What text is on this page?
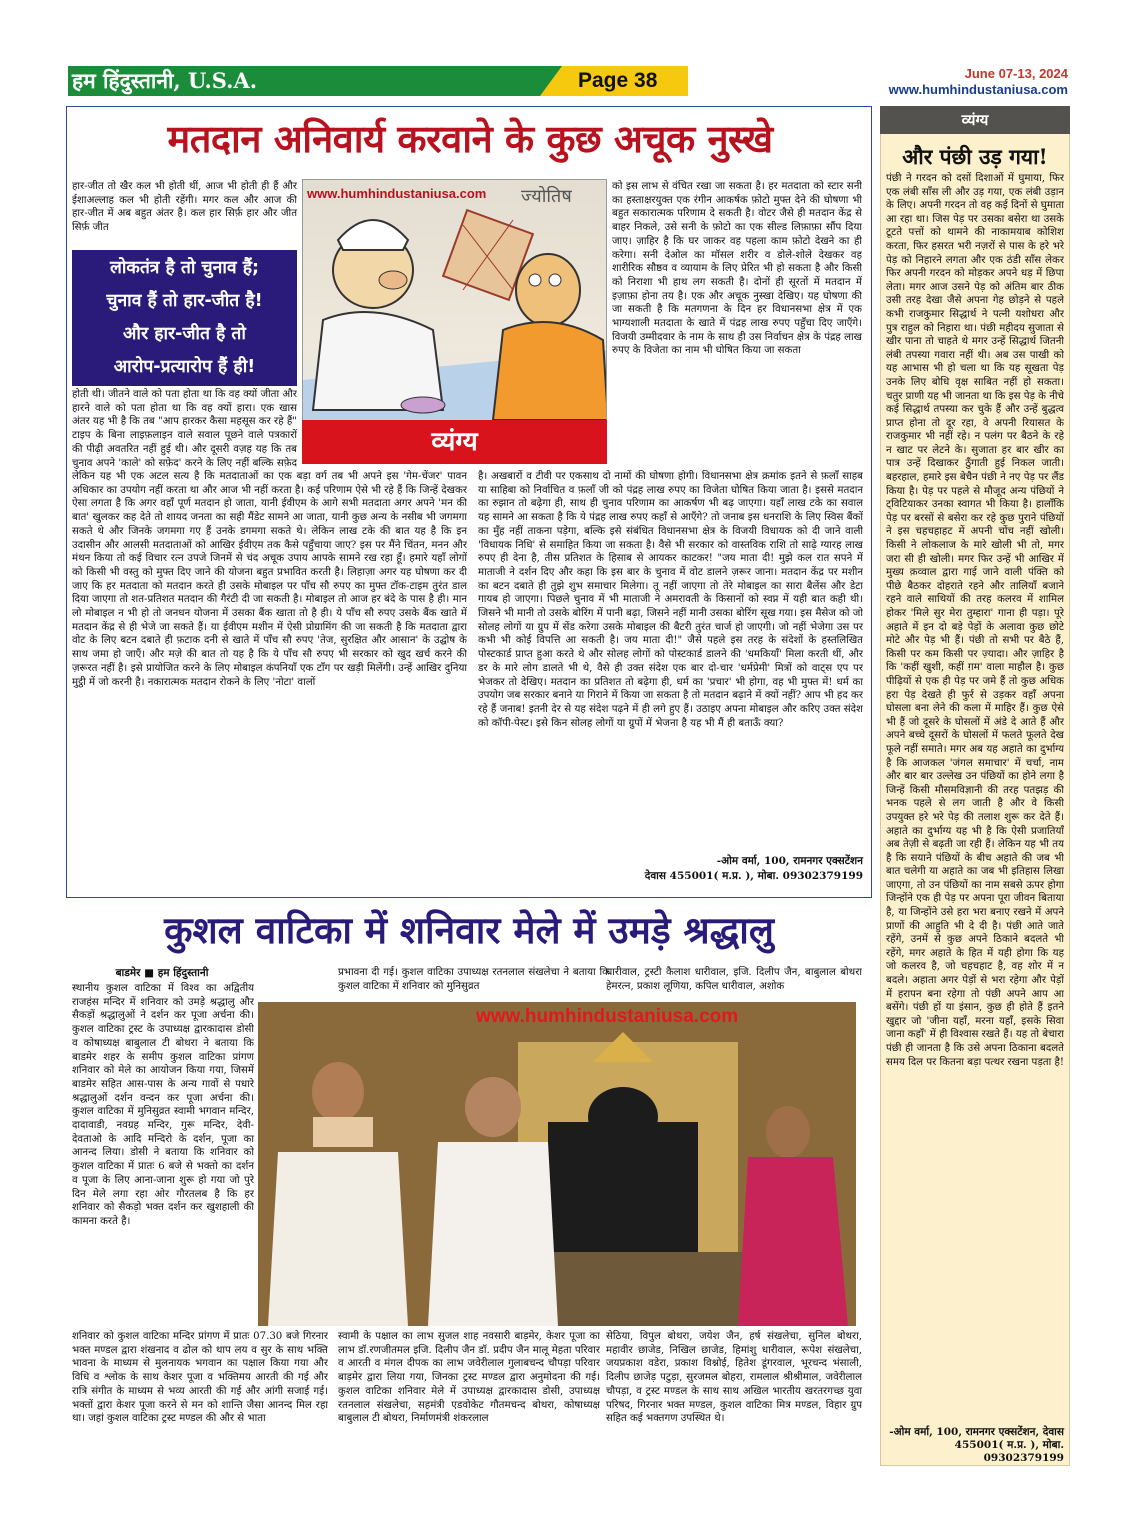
हम हिंदुस्तानी, U.S.A.	Page 38	June 07-13, 2024
www.humhindustaniusa.com
मतदान अनिवार्य करवाने के कुछ अचूक नुस्खे
हार-जीत तो खैर कल भी होती थीं, आज भी होती ही हैं और ईशाअल्लाह कल भी होती रहेंगी। मगर कल और आज की हार-जीत में अब बहुत अंतर है। कल हार सिर्फ़ हार और जीत सिर्फ़ जीत
लोकतंत्र है तो चुनाव हैं;
चुनाव हैं तो हार-जीत है!
और हार-जीत है तो
आरोप-प्रत्यारोप हैं ही!
होती थी। जीतने वाले को पता होता था कि वह क्यों जीता और हारने वाले को पता होता था कि वह क्यों हारा। एक खास अंतर यह भी है कि तब "आप हारकर कैसा महसूस कर रहे हैं" टाइप के बिना लाइफ़लाइन वाले सवाल पूछने वाले पत्रकारों की पीढ़ी अवतरित नहीं हुई थी। और दूसरी वज़ह यह कि तब चुनाव अपने 'काले' को सफ़ेद' करने के लिए नहीं बल्कि सफ़ेद
www.humhindustaniusa.com ज्योतिष
व्यंग्य
को इस लाभ से वंचित रखा जा सकता है। हर मतदाता को स्टार सनी का हस्ताक्षरयुक्त एक रंगीन आकर्षक फ़ोटो मुफ्त देने की घोषणा भी बहुत सकारात्मक परिणाम दे सकती है। वोटर जैसे ही मतदान केंद्र से बाहर निकले, उसे सनी के फ़ोटो का एक सील्ड लिफ़ाफ़ा सौंप दिया जाए। ज़ाहिर है कि घर जाकर वह पहला काम फ़ोटो देखने का ही करेगा। सनी देओल का मॉसल शरीर व डोले-शोले देखकर वह शारीरिक सौष्ठव व व्यायाम के लिए प्रेरित भी हो सकता है और किसी को निराशा भी हाथ लग सकती है। दोनों ही सूरतों में मतदान में इज़ाफ़ा होना तय है। एक और अचूक नुस्खा देखिए। यह घोषणा की जा सकती है कि मतगणना के दिन हर विधानसभा क्षेत्र में एक भाग्यशाली मतदाता के खाते में पंद्रह लाख रुपए पहुँचा दिए जाएँगे। विजयी उम्मीदवार के नाम के साथ ही उस निर्वाचन क्षेत्र के पंद्रह लाख रुपए के विजेता का नाम भी घोषित किया जा सकता
लेकिन यह भी एक अटल सत्य है कि मतदाताओं का एक बड़ा वर्ग तब भी अपने इस 'गेम-चेंजर' पावन अधिकार का उपयोग नहीं करता था और आज भी नहीं करता है। कई परिणाम ऐसे भी रहे हैं कि जिन्हें देखकर ऐसा लगता है कि अगर वहाँ पूर्ण मतदान हो जाता, यानी ईवीएम के आगे सभी मतदाता अगर अपने 'मन की बात' खुलकर कह देते तो शायद जनता का सही मैंडेट सामने आ जाता, यानी कुछ अन्य के नसीब भी जगमगा सकते थे और जिनके जगमगा गए हैं उनके डगमगा सकते थे। लेकिन लाख टके की बात यह है कि इन उदासीन और आलसी मतदाताओं को आखिर ईवीएम तक कैसे पहुँचाया जाए? इस पर मैंने चिंतन, मनन और मंथन किया तो कई विचार रत्न उपजे जिनमें से चंद अचूक उपाय आपके सामने रख रहा हूँ। हमारे यहाँ लोगों को किसी भी वस्तु को मुफ्त दिए जाने की योजना बहुत प्रभावित करती है। लिहाज़ा अगर यह घोषणा कर दी जाए कि हर मतदाता को मतदान करते ही उसके मोबाइल पर पाँच सौ रुपए का मुफ्त टॉक-टाइम तुरंत डाल दिया जाएगा तो शत-प्रतिशत मतदान की गैरंटी दी जा सकती है। मोबाइल तो आज हर बंदे के पास है ही। मान लो मोबाइल न भी हो तो जनधन योजना में उसका बैंक खाता तो है ही। ये पाँच सौ रुपए उसके बैंक खाते में मतदान केंद्र से ही भेजे जा सकते हैं। या ईवीएम मशीन में ऐसी प्रोग्रामिंग की जा सकती है कि मतदाता द्वारा वोट के लिए बटन दबाते ही फ़टाक दनी से खाते में पाँच सौ रुपए 'तेज, सुरक्षित और आसान' के उद्घोष के साथ जमा हो जाएँ। और मज़े की बात तो यह है कि ये पाँच सौ रुपए भी सरकार को खुद खर्च करने की ज़रूरत नहीं है। इसे प्रायोजित करने के लिए मोबाइल कंपनियाँ एक टाँग पर खड़ी मिलेंगी। उन्हें आखिर दुनिया मुट्ठी में जो करनी है। नकारात्मक मतदान रोकने के लिए 'नोटा' वालों
है। अखबारों व टीवी पर एकसाथ दो नामों की घोषणा होगी। विधानसभा क्षेत्र क्रमांक इतने से फ़लाँ साहब या साहिबा को निर्वाचित व फ़लाँ जी को पंद्रह लाख रुपए का विजेता घोषित किया जाता है। इससे मतदान का रुझान तो बढ़ेगा ही, साथ ही चुनाव परिणाम का आकर्षण भी बढ़ जाएगा। यहाँ लाख टके का सवाल यह सामने आ सकता है कि ये पंद्रह लाख रुपए कहाँ से आएँगे? तो जनाब इस धनराशि के लिए स्विस बैंकों का मुँह नहीं ताकना पड़ेगा, बल्कि इसे संबंधित विधानसभा क्षेत्र के विजयी विधायक को दी जाने वाली 'विधायक निधि' से समाहित किया जा सकता है। वैसे भी सरकार को वास्तविक राशि तो साढ़े ग्यारह लाख रुपए ही देना है, तीस प्रतिशत के हिसाब से आयकर काटकर! "जय माता दी! मुझे कल रात सपने में माताजी ने दर्शन दिए और कहा कि इस बार के चुनाव में वोट डालने ज़रूर जाना। मतदान केंद्र पर मशीन का बटन दबाते ही तुझे शुभ समाचार मिलेगा। तू नहीं जाएगा तो तेरे मोबाइल का सारा बैलेंस और डेटा गायब हो जाएगा। पिछले चुनाव में भी माताजी ने अमरावती के किसानों को स्वप्न में यही बात कही थी। जिसने भी मानी तो उसके बोरिंग में पानी बढ़ा, जिसने नहीं मानी उसका बोरिंग सूख गया। इस मैसेज को जो सोलह लोगों या ग्रुप में सेंड करेगा उसके मोबाइल की बैटरी तुरंत चार्ज हो जाएगी। जो नहीं भेजेगा उस पर कभी भी कोई विपत्ति आ सकती है। जय माता दी!" जैसे पहले इस तरह के संदेशों के हस्तलिखित पोस्टकार्ड प्राप्त हुआ करते थे और सोलह लोगों को पोस्टकार्ड डालने की 'धमकियाँ' मिला करती थीं, और डर के मारे लोग डालते भी थे, वैसे ही उक्त संदेश एक बार दो-चार 'धर्मप्रेमी' मित्रों को वाट्स एप पर भेजकर तो देखिए। मतदान का प्रतिशत तो बढ़ेगा ही, धर्म का 'प्रचार' भी होगा, वह भी मुफ्त में! धर्म का उपयोग जब सरकार बनाने या गिराने में किया जा सकता है तो मतदान बढ़ाने में क्यों नहीं? आप भी हद कर रहे हैं जनाब! इतनी देर से यह संदेश पढ़ने में ही लगे हुए हैं। उठाइए अपना मोबाइल और करिए उक्त संदेश को कॉपी-पेस्ट। इसे किन सोलह लोगों या ग्रुपों में भेजना है यह भी मैं ही बताऊँ क्या?
-ओम वर्मा, 100, रामनगर एक्सटेंशन
देवास 455001( म.प्र. ), मोबा. 09302379199
कुशल वाटिका में शनिवार मेले में उमड़े श्रद्धालु
बाडमेर ■ हम हिंदुस्तानी
स्थानीय कुशल वाटिका में विश्व का अद्वितीय राजहंस मन्दिर में शनिवार को उमड़े श्रद्धालु और सैकड़ों श्रद्धालुओं ने दर्शन कर पूजा अर्चना की। कुशल वाटिका ट्रस्ट के उपाध्यक्ष द्वारकादास डोसी व कोषाध्यक्ष बाबुलाल टी बोथरा ने बताया कि बाडमेर शहर के समीप कुशल वाटिका प्रांगण शनिवार को मेले का आयोजन किया गया, जिसमें बाडमेर सहित आस-पास के अन्य गावों से पधारे श्रद्धालुओं दर्शन वन्दन कर पूजा अर्चना की। कुशल वाटिका में मुनिसुव्रत स्वामी भगवान मन्दिर, दादावाडी, नवग्रह मन्दिर, गुरू मन्दिर, देवी-देवताओ के आदि मन्दिरो के दर्शन, पूजा का आनन्द लिया। डोसी ने बताया कि शनिवार को कुशल वाटिका में प्रातः 6 बजे से भक्तो का दर्शन व पूजा के लिए आना-जाना शुरू हो गया जो पुरे दिन मेले लगा रहा ओर गौरतलब है कि हर शनिवार को सैकड़ो भक्त दर्शन कर खुशहाली की कामना करते है।
प्रभावना दी गई। कुशल वाटिका उपाध्यक्ष रतनलाल संखलेचा ने बताया कि कुशल वाटिका में शनिवार को मुनिसुव्रत
धारीवाल, ट्रस्टी कैलाश धारीवाल, इजि. दिलीप जैन, बाबुलाल बोथरा हेमरत्न, प्रकाश लूणिया, कपिल धारीवाल, अशोक
www.humhindustaniusa.com
शनिवार को कुशल वाटिका मन्दिर प्रांगण में प्रातः 07.30 बजे गिरनार भक्त मण्डल द्वारा शंखनाद व ढोल को थाप लय व सुर के साथ भक्ति भावना के माध्यम से मुलनायक भगवान का पक्षाल किया गया और विधि व श्लोक के साथ केशर पूजा व भक्तिमय आरती की गई और रात्रि संगीत के माध्यम से भव्य आरती की गई और आंगी सजाई गई। भक्तों द्वारा केशर पूजा करने से मन को शान्ति जैसा आनन्द मिल रहा था। जहां कुशल वाटिका ट्रस्ट मण्डल की और से भाता
स्वामी के पक्षाल का लाभ सुजल शाह नवसारी बाड़मेर, केशर पूजा का लाभ डॉ.रणजीतमल इजि. दिलीप जैन डॉ. प्रदीप जैन मालू मेहता परिवार व आरती व मंगल दीपक का लाभ जवेरीलाल गुलाबचन्द चौपड़ा परिवार बाड़मेर द्वारा लिया गया, जिनका ट्रस्ट मण्डल द्वारा अनुमोदना की गई। कुशल वाटिका शनिवार मेले में उपाध्यक्ष द्वारकादास डोसी, उपाध्यक्ष रतनलाल संखलेचा, सहमंत्री एडवोकेट गौतमचन्द बोथरा, कोषाध्यक्ष बाबुलाल टी बोथरा, निर्माणमंत्री शंकरलाल
सेठिया, विपुल बोथरा, जयेश जैन, हर्ष संखलेचा, सुनिल बोथरा, महावीर छाजेड, निखिल छाजेड, हिमांशु धारीवाल, रूपेश संखलेचा, जयप्रकाश वडेरा, प्रकाश विश्नोई, हितेश डूंगरवाल, भूरचन्द भंसाली, दिलीप छाजेड़ पटुड़ा, सुरजमल बोहरा, रामलाल श्रीश्रीमाल, जवेरीलाल चौपड़ा, व ट्रस्ट मण्डल के साथ साथ अखिल भारतीय खरतरगच्छ युवा परिषद, गिरनार भक्त मण्डल, कुशल वाटिका मित्र मण्डल, विहार ग्रुप सहित कई भक्तगण उपस्थित थे।
व्यंग्य
और पंछी उड़ गया!
पंछी ने गरदन को दसों दिशाओं में घुमाया, फिर एक लंबी साँस ली और उड़ गया, एक लंबी उड़ान के लिए। अपनी गरदन तो वह कई दिनों से घुमाता आ रहा था। जिस पेड़ पर उसका बसेरा था उसके टूटते पत्तों को थामने की नाकामयाब कोशिश करता, फिर हसरत भरी नज़रों से पास के हरे भरे पेड़ को निहारने लगता और एक ठंडी साँस लेकर फिर अपनी गरदन को मोड़कर अपने धड़ में छिपा लेता। मगर आज उसने पेड़ को अंतिम बार ठीक उसी तरह देखा जैसे अपना गेह छोड़ने से पहले कभी राजकुमार सिद्धार्थ ने पत्नी यशोधरा और पुत्र राहुल को निहारा था। पंछी महीदय सुजाता से खीर पाना तो चाहते थे मगर उन्हें सिद्धार्थ जितनी लंबी तपस्या गवारा नहीं थी। अब उस पाखी को यह आभास भी हो चला था कि यह सूखता पेड़ उनके लिए बोधि वृक्ष साबित नहीं हो सकता। चतुर प्राणी यह भी जानता था कि इस पेड़ के नीचे कई सिद्धार्थ तपस्या कर चुके हैं और उन्हें बुद्धत्व प्राप्त होना तो दूर रहा, वे अपनी रियासत के राजकुमार भी नहीं रहे। न पलंग पर बैठने के रहे न खाट पर लेटने के। सुजाता हर बार खीर का पात्र उन्हें दिखाकर ठुँगाती हुई निकल जाती। बहरहाल, हमारे इस बेचैन पंछी ने नए पेड़ पर लैंड किया है। पेड़ पर पहले से मौजूद अन्य पंछियों ने ट्विटियाकर उनका स्वागत भी किया है। हालाँकि पेड़ पर बरसों से बसेरा कर रहे कुछ पुराने पंछियों ने इस चहचहाहट में अपनी चोंच नहीं खोली। किसी ने लोकलाज के मारे खोली भी तो, मगर जरा सी ही खोली। मगर फिर उन्हें भी आखिर में मुख्य क़व्वाल द्वारा गाई जाने वाली पंक्ति को पीछे बैठकर दोहराते रहने और तालियाँ बजाने रहने वाले साथियों की तरह कलरव में शामिल होकर 'मिले सुर मेरा तुम्हारा' गाना ही पड़ा। पूरे अहाते में इन दो बड़े पेड़ों के अलावा कुछ छोटे मोटे और पेड़ भी हैं। पंछी तो सभी पर बैठे हैं, किसी पर कम किसी पर ज़्यादा। और ज़ाहिर है कि 'कहीं खुशी, कहीं ग़म' वाला माहौल है। कुछ पीढ़ियों से एक ही पेड़ पर जमे हैं तो कुछ अधिक हरा पेड़ देखते ही फुर्र से उड़कर वहाँ अपना घोसला बना लेने की कला में माहिर हैं। कुछ ऐसे भी हैं जो दूसरे के घोसलों में अंडे दे आते हैं और अपने बच्चे दूसरों के घोसलों में फलते फूलते देख फूले नहीं समाते। मगर अब यह अहाते का दुर्भाग्य है कि आजकल 'जंगल समाचार' में चर्चा, नाम और बार बार उल्लेख उन पंछियों का होने लगा है जिन्हें किसी मौसमविज्ञानी की तरह पतझड़ की भनक पहले से लग जाती है और वे किसी उपयुक्त हरे भरे पेड़ की तलाश शुरू कर देते हैं। अहाते का दुर्भाग्य यह भी है कि ऐसी प्रजातियाँ अब तेज़ी से बढ़ती जा रही हैं। लेकिन यह भी तय है कि सयाने पंछियों के बीच अहाते की जब भी बात चलेगी या अहाते का जब भी इतिहास लिखा जाएगा, तो उन पंछियों का नाम सबसे ऊपर होगा जिन्होंने एक ही पेड़ पर अपना पूरा जीवन बिताया है, या जिन्होंने उसे हरा भरा बनाए रखने में अपने प्राणों की आहुति भी दे दी है। पंछी आते जाते रहेंगे, उनमें से कुछ अपने ठिकाने बदलते भी रहेंगे, मगर अहाते के हित में यही होगा कि यह जो कलरव है, जो चहचहाट है, वह शोर में न बदले। अहाता अगर पेड़ों से भरा रहेगा और पेड़ों में हरापन बना रहेगा तो पंछी अपने आप आ बसेंगे। पंछी हों या इंसान, कुछ ही होते हैं इतने खुद्दार जो 'जीना यहाँ, मरना यहाँ, इसके सिवा जाना कहाँ' में ही विश्वास रखते हैं। यह तो बेचारा पंछी ही जानता है कि उसे अपना ठिकाना बदलते समय दिल पर कितना बड़ा पत्थर रखना पड़ता है!
-ओम वर्मा, 100, रामनगर एक्सटेंशन, देवास 455001( म.प्र. ), मोबा. 09302379199
